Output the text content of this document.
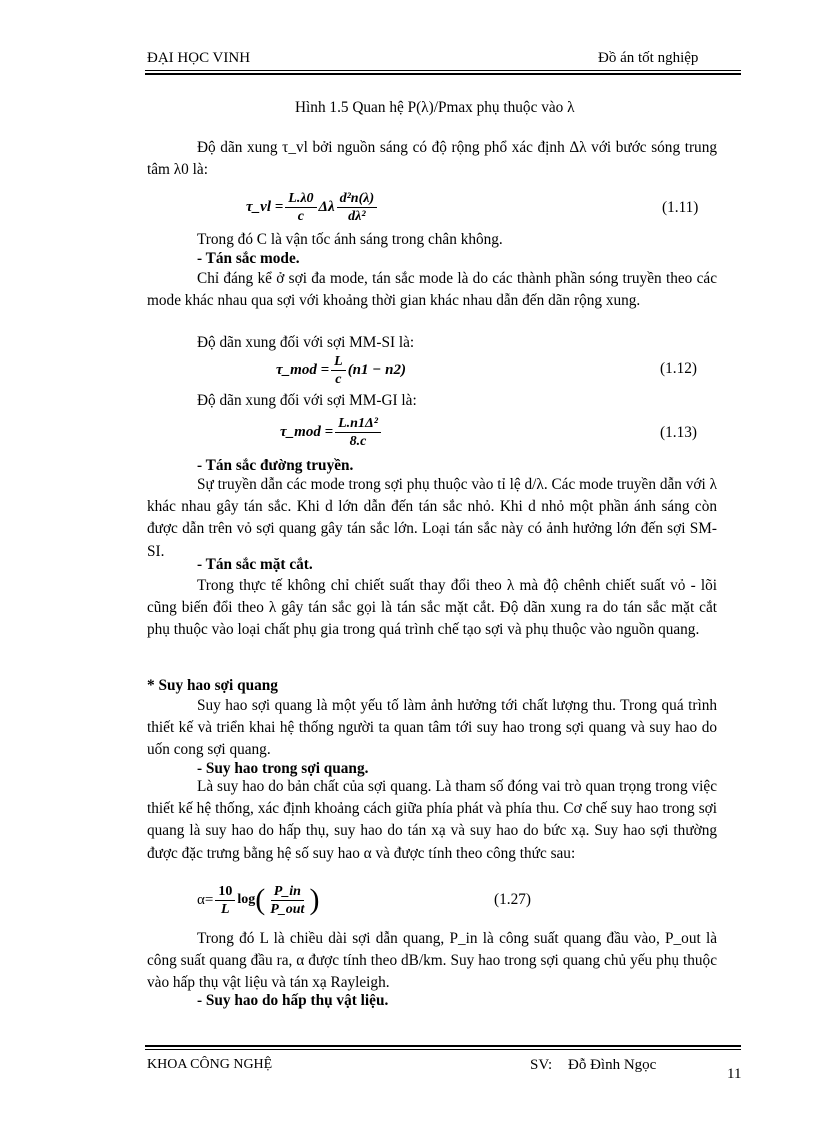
ĐẠI HỌC VINH	Đồ án tốt nghiệp
Hình 1.5 Quan hệ P(λ)/Pmax phụ thuộc vào λ

Độ dãn xung τ_vl bởi nguồn sáng có độ rộng phổ xác định Δλ với bước sóng trung tâm λ0 là:

τ_vl = $\frac{L.\lambda 0}{c}$ Δλ $\frac{\text{d²n(λ)}}{\text{dλ²}}$	(1.11)
Trong đó C là vận tốc ánh sáng trong chân không.
- Tán sắc mode.

Chỉ đáng kể ở sợi đa mode, tán sắc mode là do các thành phần sóng truyền theo các mode khác nhau qua sợi với khoảng thời gian khác nhau dẫn đến dãn rộng xung.

Độ dãn xung đối với sợi MM-SI là:
τ_mod = $\frac{L}{c} (n1 - n2)$	(1.12)
Độ dãn xung đối với sợi MM-GI là:
τ_mod = $\frac{\text{L.n1Δ²}}{8.c}$	(1.13)
- Tán sắc đường truyền.

Sự truyền dẫn các mode trong sợi phụ thuộc vào tỉ lệ d/λ. Các mode truyền dẫn với λ khác nhau gây tán sắc. Khi d lớn dẫn đến tán sắc nhỏ. Khi d nhỏ một phần ánh sáng còn được dẫn trên vỏ sợi quang gây tán sắc lớn. Loại tán sắc này có ảnh hưởng lớn đến sợi SM-SI.

- Tán sắc mặt cắt.

Trong thực tế không chỉ chiết suất thay đổi theo λ mà độ chênh chiết suất vỏ - lõi cũng biến đổi theo λ gây tán sắc gọi là tán sắc mặt cắt. Độ dãn xung ra do tán sắc mặt cắt phụ thuộc vào loại chất phụ gia trong quá trình chế tạo sợi và phụ thuộc vào nguồn quang.

* Suy hao sợi quang

Suy hao sợi quang là một yếu tố làm ảnh hưởng tới chất lượng thu. Trong quá trình thiết kế và triển khai hệ thống người ta quan tâm tới suy hao trong sợi quang và suy hao do uốn cong sợi quang.

- Suy hao trong sợi quang.

Là suy hao do bản chất của sợi quang. Là tham số đóng vai trò quan trọng trong việc thiết kế hệ thống, xác định khoảng cách giữa phía phát và phía thu. Cơ chế suy hao trong sợi quang là suy hao do hấp thụ, suy hao do tán xạ và suy hao do bức xạ. Suy hao sợi thường được đặc trưng bằng hệ số suy hao α và được tính theo công thức sau:

$\alpha= \frac{10}{L}$ log ( $\frac{P\_in}{\text{P\_out}}$ )	(1.27)

Trong đó L là chiều dài sợi dẫn quang, P_in là công suất quang đầu vào, P_out là công suất quang đầu ra, α được tính theo dB/km. Suy hao trong sợi quang chủ yếu phụ thuộc vào hấp thụ vật liệu và tán xạ Rayleigh.

- Suy hao do hấp thụ vật liệu.
KHOA CÔNG NGHỆ	SV: Đỗ Đình Ngọc
11
